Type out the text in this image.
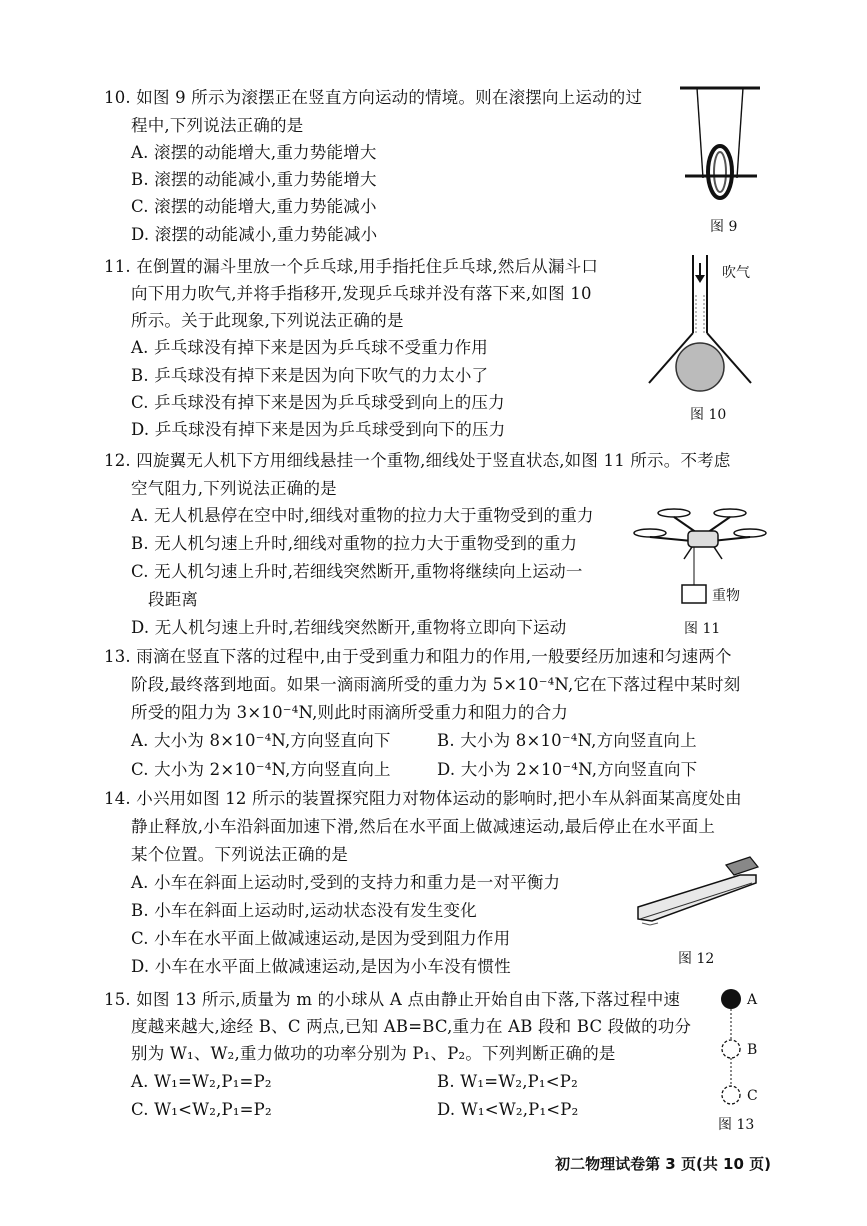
10. 如图 9 所示为滚摆正在竖直方向运动的情境。则在滚摆向上运动的过
程中,下列说法正确的是
A. 滚摆的动能增大,重力势能增大
B. 滚摆的动能减小,重力势能增大
C. 滚摆的动能增大,重力势能减小
D. 滚摆的动能减小,重力势能减小	图 9
11. 在倒置的漏斗里放一个乒乓球,用手指托住乒乓球,然后从漏斗口
向下用力吹气,并将手指移开,发现乒乓球并没有落下来,如图 10
所示。关于此现象,下列说法正确的是
A. 乒乓球没有掉下来是因为乒乓球不受重力作用
B. 乒乓球没有掉下来是因为向下吹气的力太小了
C. 乒乓球没有掉下来是因为乒乓球受到向上的压力
D. 乒乓球没有掉下来是因为乒乓球受到向下的压力
吹气
图 10
12. 四旋翼无人机下方用细线悬挂一个重物,细线处于竖直状态,如图 11 所示。不考虑
空气阻力,下列说法正确的是
A. 无人机悬停在空中时,细线对重物的拉力大于重物受到的重力
B. 无人机匀速上升时,细线对重物的拉力大于重物受到的重力
C. 无人机匀速上升时,若细线突然断开,重物将继续向上运动一
段距离
D. 无人机匀速上升时,若细线突然断开,重物将立即向下运动
重物
图 11
13. 雨滴在竖直下落的过程中,由于受到重力和阻力的作用,一般要经历加速和匀速两个
阶段,最终落到地面。如果一滴雨滴所受的重力为 5×10⁻⁴N,它在下落过程中某时刻
所受的阻力为 3×10⁻⁴N,则此时雨滴所受重力和阻力的合力
A. 大小为 8×10⁻⁴N,方向竖直向下	B. 大小为 8×10⁻⁴N,方向竖直向上
C. 大小为 2×10⁻⁴N,方向竖直向上	D. 大小为 2×10⁻⁴N,方向竖直向下
14. 小兴用如图 12 所示的装置探究阻力对物体运动的影响时,把小车从斜面某高度处由
静止释放,小车沿斜面加速下滑,然后在水平面上做减速运动,最后停止在水平面上
某个位置。下列说法正确的是
A. 小车在斜面上运动时,受到的支持力和重力是一对平衡力
B. 小车在斜面上运动时,运动状态没有发生变化
C. 小车在水平面上做减速运动,是因为受到阻力作用
D. 小车在水平面上做减速运动,是因为小车没有惯性	图 12
15. 如图 13 所示,质量为 m 的小球从 A 点由静止开始自由下落,下落过程中速
度越来越大,途经 B、C 两点,已知 AB=BC,重力在 AB 段和 BC 段做的功分
别为 W₁、W₂,重力做功的功率分别为 P₁、P₂。下列判断正确的是
A. W₁=W₂,P₁=P₂	B. W₁=W₂,P₁<P₂
C. W₁<W₂,P₁=P₂	D. W₁<W₂,P₁<P₂
A
B
C
图 13
初二物理试卷第 3 页(共 10 页)
